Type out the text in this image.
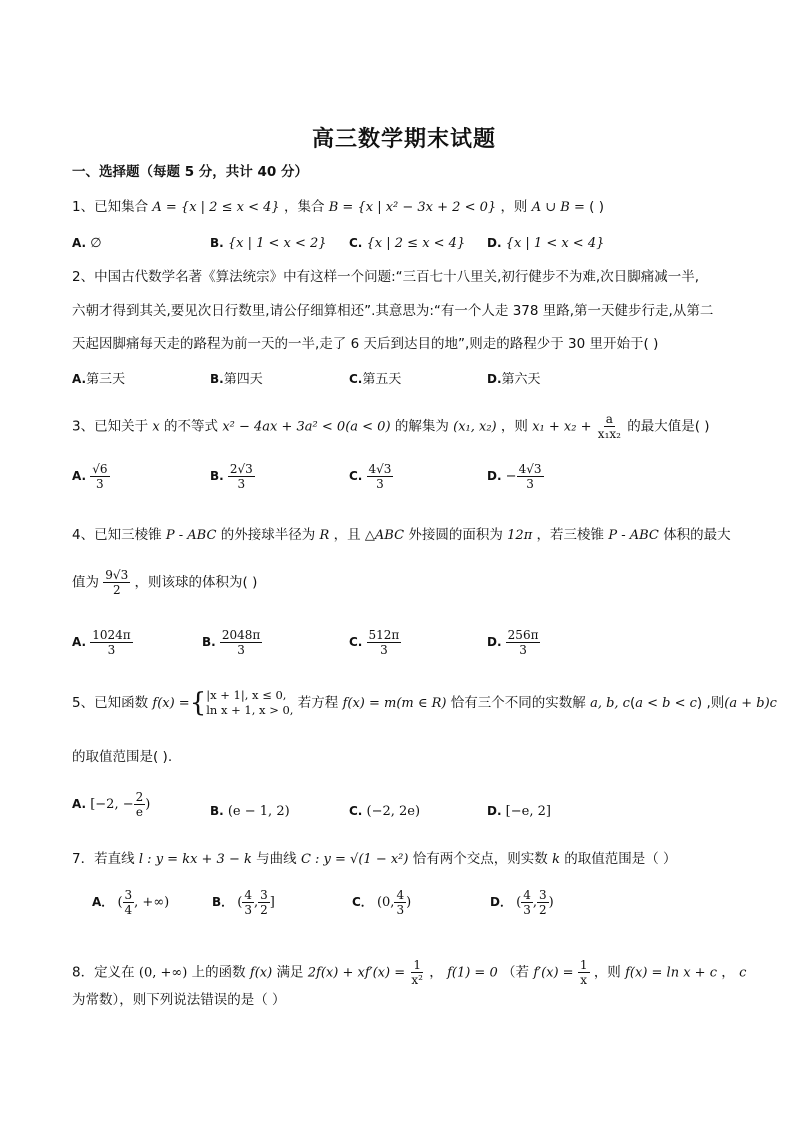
高三数学期末试题
一、选择题（每题 5 分，共计 40 分）
1、已知集合 A = {x | 2 ≤ x < 4} ，集合 B = {x | x² − 3x + 2 < 0} ，则 A ∪ B = ( )
A. ∅	B. {x | 1 < x < 2} C. {x | 2 ≤ x < 4} D. {x | 1 < x < 4}
2、中国古代数学名著《算法统宗》中有这样一个问题:“三百七十八里关,初行健步不为难,次日脚痛减一半,
六朝才得到其关,要见次日行数里,请公仔细算相还”.其意思为:“有一个人走 378 里路,第一天健步行走,从第二
天起因脚痛每天走的路程为前一天的一半,走了 6 天后到达目的地”,则走的路程少于 30 里开始于( )
A.第三天	B.第四天	C.第五天	D.第六天
3、已知关于 x 的不等式 x² − 4ax + 3a² < 0(a < 0) 的解集为 (x₁, x₂) ，则 $x_1 + x_2 + \frac{a}{\text{x₁x₂}}$ 的最大值是( )
A. $\frac{√6}{3}$	B. $\frac{2√3}{3}$	C. $\frac{4√3}{3}$	D. − $\frac{4√3}{3}$
4、已知三棱锥 P - ABC 的外接球半径为 R ，且 △ABC 外接圆的面积为 12π ，若三棱锥 P - ABC 体积的最大
值为 $\frac{9√3}{2}$ ，则该球的体积为( )
A. $\frac{1024\pi}{3}$	B. $\frac{2048\pi}{3}$	C. $\frac{512\pi}{3}$	D. $\frac{256\pi}{3}$
5、已知函数 f(x) ={ |x + 1|, x ≤ 0,
ln x + 1, x > 0, 若方程 f(x) = m(m ∈ R) 恰有三个不同的实数解 a, b, c(a < b < c) ,则(a + b)c
的取值范围是( ).
A. [−2, − $\frac{2}{e}$ )	B. (e − 1, 2)	C. (−2, 2e)	D. [−e, 2]
7．若直线 l : y = kx + 3 − k 与曲线 C : y = √(1 − x²) 恰有两个交点，则实数 k 的取值范围是（ ）
A． ( $\frac{3}{4}$ , +∞)	B． ( $\frac{4}{3}$ , $\frac{3}{2}$ ]	C． (0, $\frac{4}{3}$ )	D． ( $\frac{4}{3}$ , $\frac{3}{2}$ )
8．定义在 (0, +∞) 上的函数 f(x) 满足 $2f(x) + xf'(x) = \frac{1}{\text{x²}}$ ， f(1) = 0 （若 $f'(x) = \frac{1}{x}$ ，则 f(x) = ln x + c ， c
为常数），则下列说法错误的是（ ）
